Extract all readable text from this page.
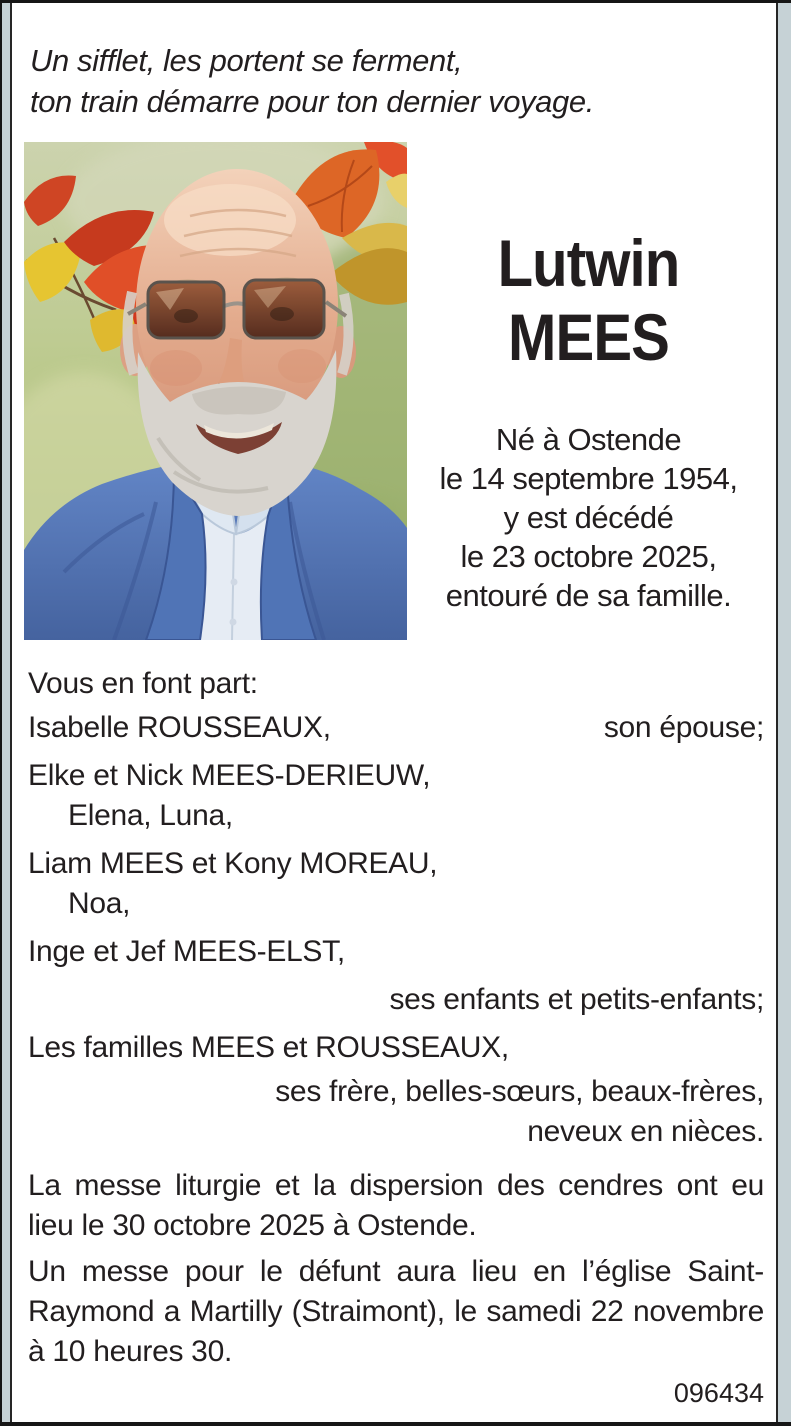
Un sifflet, les portent se ferment,
ton train démarre pour ton dernier voyage.
Lutwin
MEES
Né à Ostende
le 14 septembre 1954,
y est décédé
le 23 octobre 2025,
entouré de sa famille.
Vous en font part:
Isabelle ROUSSEAUX,	son épouse;
Elke et Nick MEES-DERIEUW,
Elena, Luna,
Liam MEES et Kony MOREAU,
Noa,
Inge et Jef MEES-ELST,
ses enfants et petits-enfants;
Les familles MEES et ROUSSEAUX,
ses frère, belles-sœurs, beaux-frères,
neveux en nièces.
La messe liturgie et la dispersion des cendres ont eu lieu le 30 octobre 2025 à Ostende.
Un messe pour le défunt aura lieu en l’église Saint-Raymond a Martilly (Straimont), le samedi 22 novembre à 10 heures 30.
096434
